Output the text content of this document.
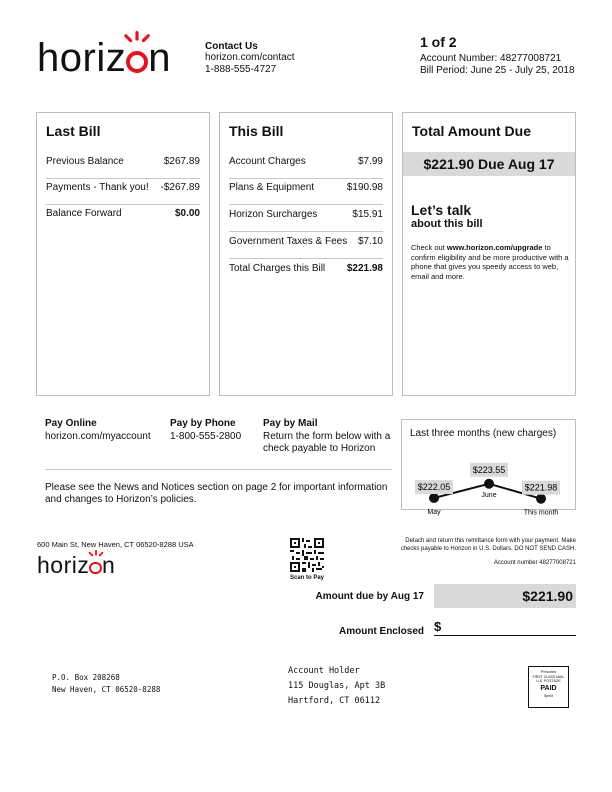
horiz n	Contact Us
horizon.com/contact
1-888-555-4727
1 of 2
Account Number: 48277008721
Bill Period: June 25 - July 25, 2018
Last Bill
Previous Balance	$267.89
Payments - Thank you! -$267.89
Balance Forward	$0.00
This Bill
Account Charges	$7.99
Plans & Equipment	$190.98
Horizon Surcharges	$15.91
Government Taxes & Fees $7.10
Total Charges this Bill $221.98
Total Amount Due
$221.90 Due Aug 17
Let’s talk
about this bill
Check out www.horizon.com/upgrade to confirm eligibility and be more productive with a phone that gives you speedy access to web, email and more.
Pay Online
horizon.com/myaccount
Pay by Phone
1-800-555-2800
Pay by Mail
Return the form below with a check payable to Horizon
Please see the News and Notices section on page 2 for important information and changes to Horizon’s policies.
Last three months (new charges)
$222.05
May
$223.55
June
$221.98
This month
600 Main St, New Haven, CT 06520-8288 USA
horiz n	Scan to Pay
Detach and return this remittance form with your payment. Make checks payable to Horizon in U.S. Dollars. DO NOT SEND CASH.
Account number 48277008721
Amount due by Aug 17	$221.90
Amount Enclosed $
P.O. Box 208268
New Haven, CT 06520-8288
Account Holder
115 Douglas, Apt 3B
Hartford, CT 06112
Presorted
FIRST CLASS MAIL
U.S. POSTAGE
PAID
Sprint
